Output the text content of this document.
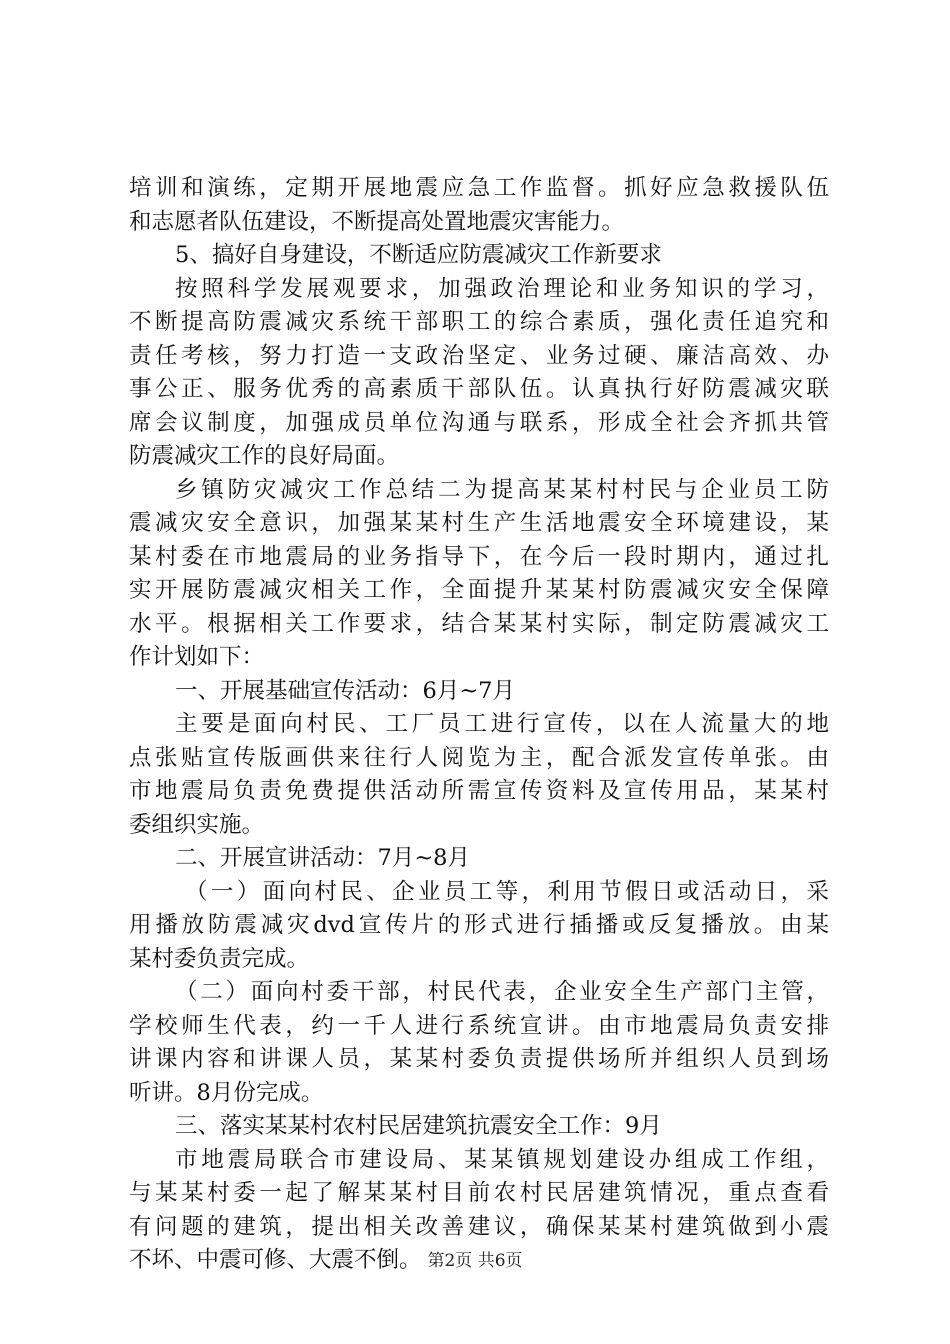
培训和演练，定期开展地震应急工作监督。抓好应急救援队伍
和志愿者队伍建设，不断提高处置地震灾害能力。
5、搞好自身建设，不断适应防震减灾工作新要求
按照科学发展观要求，加强政治理论和业务知识的学习，
不断提高防震减灾系统干部职工的综合素质，强化责任追究和
责任考核，努力打造一支政治坚定、业务过硬、廉洁高效、办
事公正、服务优秀的高素质干部队伍。认真执行好防震减灾联
席会议制度，加强成员单位沟通与联系，形成全社会齐抓共管
防震减灾工作的良好局面。
乡镇防灾减灾工作总结二为提高某某村村民与企业员工防
震减灾安全意识，加强某某村生产生活地震安全环境建设，某
某村委在市地震局的业务指导下，在今后一段时期内，通过扎
实开展防震减灾相关工作，全面提升某某村防震减灾安全保障
水平。根据相关工作要求，结合某某村实际，制定防震减灾工
作计划如下：
一、开展基础宣传活动：6月~7月
主要是面向村民、工厂员工进行宣传，以在人流量大的地
点张贴宣传版画供来往行人阅览为主，配合派发宣传单张。由
市地震局负责免费提供活动所需宣传资料及宣传用品，某某村
委组织实施。
二、开展宣讲活动：7月~8月
（一）面向村民、企业员工等，利用节假日或活动日，采
用播放防震减灾dvd宣传片的形式进行插播或反复播放。由某
某村委负责完成。
（二）面向村委干部，村民代表，企业安全生产部门主管，
学校师生代表，约一千人进行系统宣讲。由市地震局负责安排
讲课内容和讲课人员，某某村委负责提供场所并组织人员到场
听讲。8月份完成。
三、落实某某村农村民居建筑抗震安全工作：9月
市地震局联合市建设局、某某镇规划建设办组成工作组，
与某某村委一起了解某某村目前农村民居建筑情况，重点查看
有问题的建筑，提出相关改善建议，确保某某村建筑做到小震
不坏、中震可修、大震不倒。 第2页 共6页
